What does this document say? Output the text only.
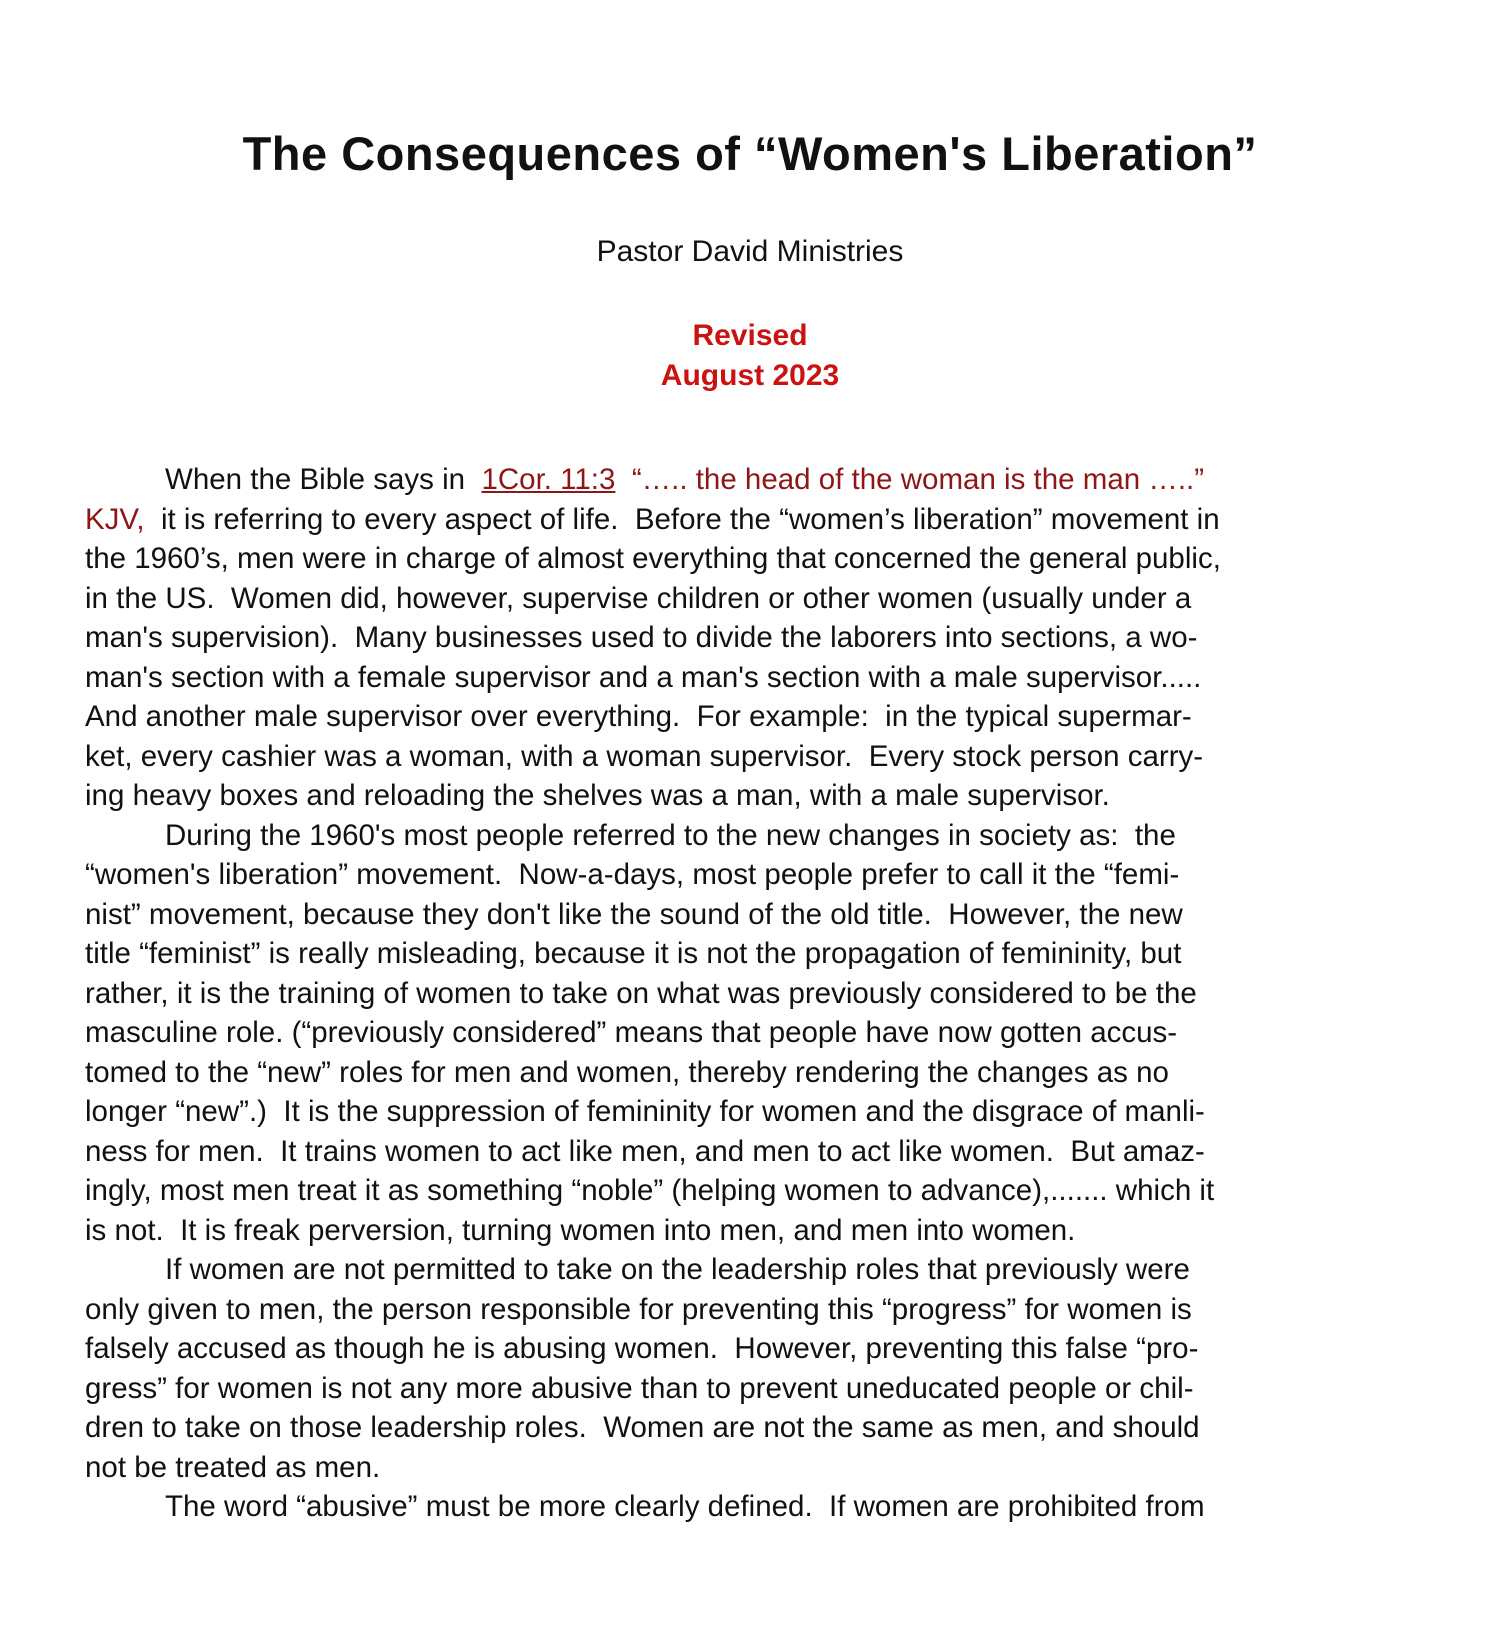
The Consequences of “Women's Liberation”
Pastor David Ministries
Revised
August 2023
When the Bible says in  1Cor. 11:3 “….. the head of the woman is the man …..”
KJV,  it is referring to every aspect of life.  Before the “women’s liberation” movement in
the 1960’s, men were in charge of almost everything that concerned the general public,
in the US.  Women did, however, supervise children or other women (usually under a
man's supervision).  Many businesses used to divide the laborers into sections, a wo-
man's section with a female supervisor and a man's section with a male supervisor.....
And another male supervisor over everything.  For example:  in the typical supermar-
ket, every cashier was a woman, with a woman supervisor.  Every stock person carry-
ing heavy boxes and reloading the shelves was a man, with a male supervisor.
During the 1960's most people referred to the new changes in society as:  the
“women's liberation” movement.  Now-a-days, most people prefer to call it the “femi-
nist” movement, because they don't like the sound of the old title.  However, the new
title “feminist” is really misleading, because it is not the propagation of femininity, but
rather, it is the training of women to take on what was previously considered to be the
masculine role. (“previously considered” means that people have now gotten accus-
tomed to the “new” roles for men and women, thereby rendering the changes as no
longer “new”.)  It is the suppression of femininity for women and the disgrace of manli-
ness for men.  It trains women to act like men, and men to act like women.  But amaz-
ingly, most men treat it as something “noble” (helping women to advance),....... which it
is not.  It is freak perversion, turning women into men, and men into women.
If women are not permitted to take on the leadership roles that previously were
only given to men, the person responsible for preventing this “progress” for women is
falsely accused as though he is abusing women.  However, preventing this false “pro-
gress” for women is not any more abusive than to prevent uneducated people or chil-
dren to take on those leadership roles.  Women are not the same as men, and should
not be treated as men.
The word “abusive” must be more clearly defined.  If women are prohibited from
